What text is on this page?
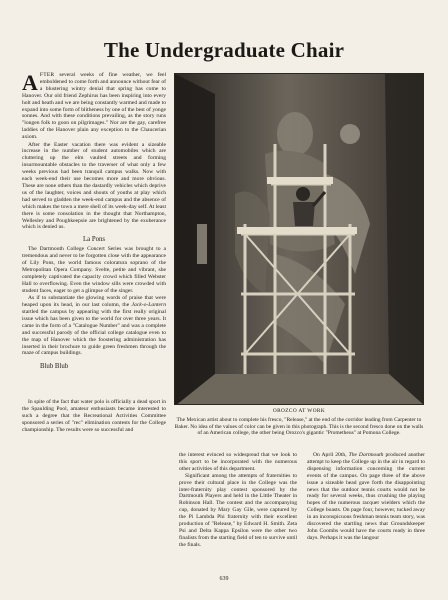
The Undergraduate Chair

AFTER several weeks of fine weather, we feel emboldened to come forth and announce without fear of a blustering wintry denial that spring has come to Hanover. Our old friend Zephirus has been inspiring into every holt and heath and we are being constantly warmed and made to expand into some form of blitheness by one of the best of yonge sonnes. And with these conditions prevailing, as the story runs "longen folk to goon on pilgrimages." Nor are the gay, carefree laddies of the Hanover plain any exception to the Chaucerian axiom.

After the Easter vacation there was evident a sizeable increase in the number of student automobiles which are cluttering up the elm vaulted streets and forming insurmountable obstacles to the traverser of what only a few weeks previous had been tranquil campus walks. Now with each week-end their use becomes more and more obvious. These are none others than the dastardly vehicles which deprive us of the laughter, voices and shouts of youths at play which had served to gladden the week-end campus and the absence of which makes the town a mere shell of its week-day self. At least there is some consolation in the thought that Northampton, Wellesley and Poughkeepsie are brightened by the exuberance which is denied us.

La Pons

The Dartmouth College Concert Series was brought to a tremendous and never to be forgotten close with the appearance of Lily Pons, the world famous coloratura soprano of the Metropolitan Opera Company. Svelte, petite and vibrant, she completely captivated the capacity crowd which filled Webster Hall to overflowing. Even the window sills were crowded with student faces, eager to get a glimpse of the singer.

As if to substantiate the glowing words of praise that were heaped upon its head, in our last column, the Jack-o-Lantern startled the campus by appearing with the first really original issue which has been given to the world for over three years. It came in the form of a "Catalogue Number" and was a complete and successful parody of the official college catalogue even to the map of Hanover which the foostering administration has inserted in their brochure to guide green freshmen through the maze of campus buildings.

Blub Blub

In spite of the fact that water polo is officially a dead sport in the Spaulding Pool, amateur enthusiasts became interested to such a degree that the Recreational Activities Committee sponsored a series of "rec" elimination contests for the College championship. The results were so successful and

OROZCO AT WORK
The Mexican artist about to complete his fresco, "Release," at the end of the corridor leading from Carpenter to Baker. No idea of the values of color can be given in this photograph. This is the second fresco done on the walls of an American college, the other being Orozco's gigantic "Prometheus" at Pomona College.

the interest evinced so widespread that we look to this sport to be incorporated with the numerous other activities of this department.

Significant among the attempts of fraternities to prove their cultural place in the College was the inter-fraternity play contest sponsored by the Dartmouth Players and held in the Little Theater in Robinson Hall. The contest and the accompanying cup, donated by Mary Gay Gile, were captured by the Pi Lambda Phi fraternity with their excellent production of "Release," by Edward H. Smith. Zeta Psi and Delta Kappa Epsilon were the other two finalists from the starting field of ten to survive until the finals.

On April 20th, The Dartmouth produced another attempt to keep the College up in the air in regard to dispensing information concerning the current events of the campus. On page three of the above issue a sizeable head gave forth the disappointing news that the outdoor tennis courts would not be ready for several weeks, thus crushing the playing hopes of the numerous racquet wielders which the College boasts. On page four, however, tucked away in an inconspicuous freshman tennis team story, was discovered the startling news that Groundskeeper John Coombs would have the courts ready in three days. Perhaps it was the langour

639
